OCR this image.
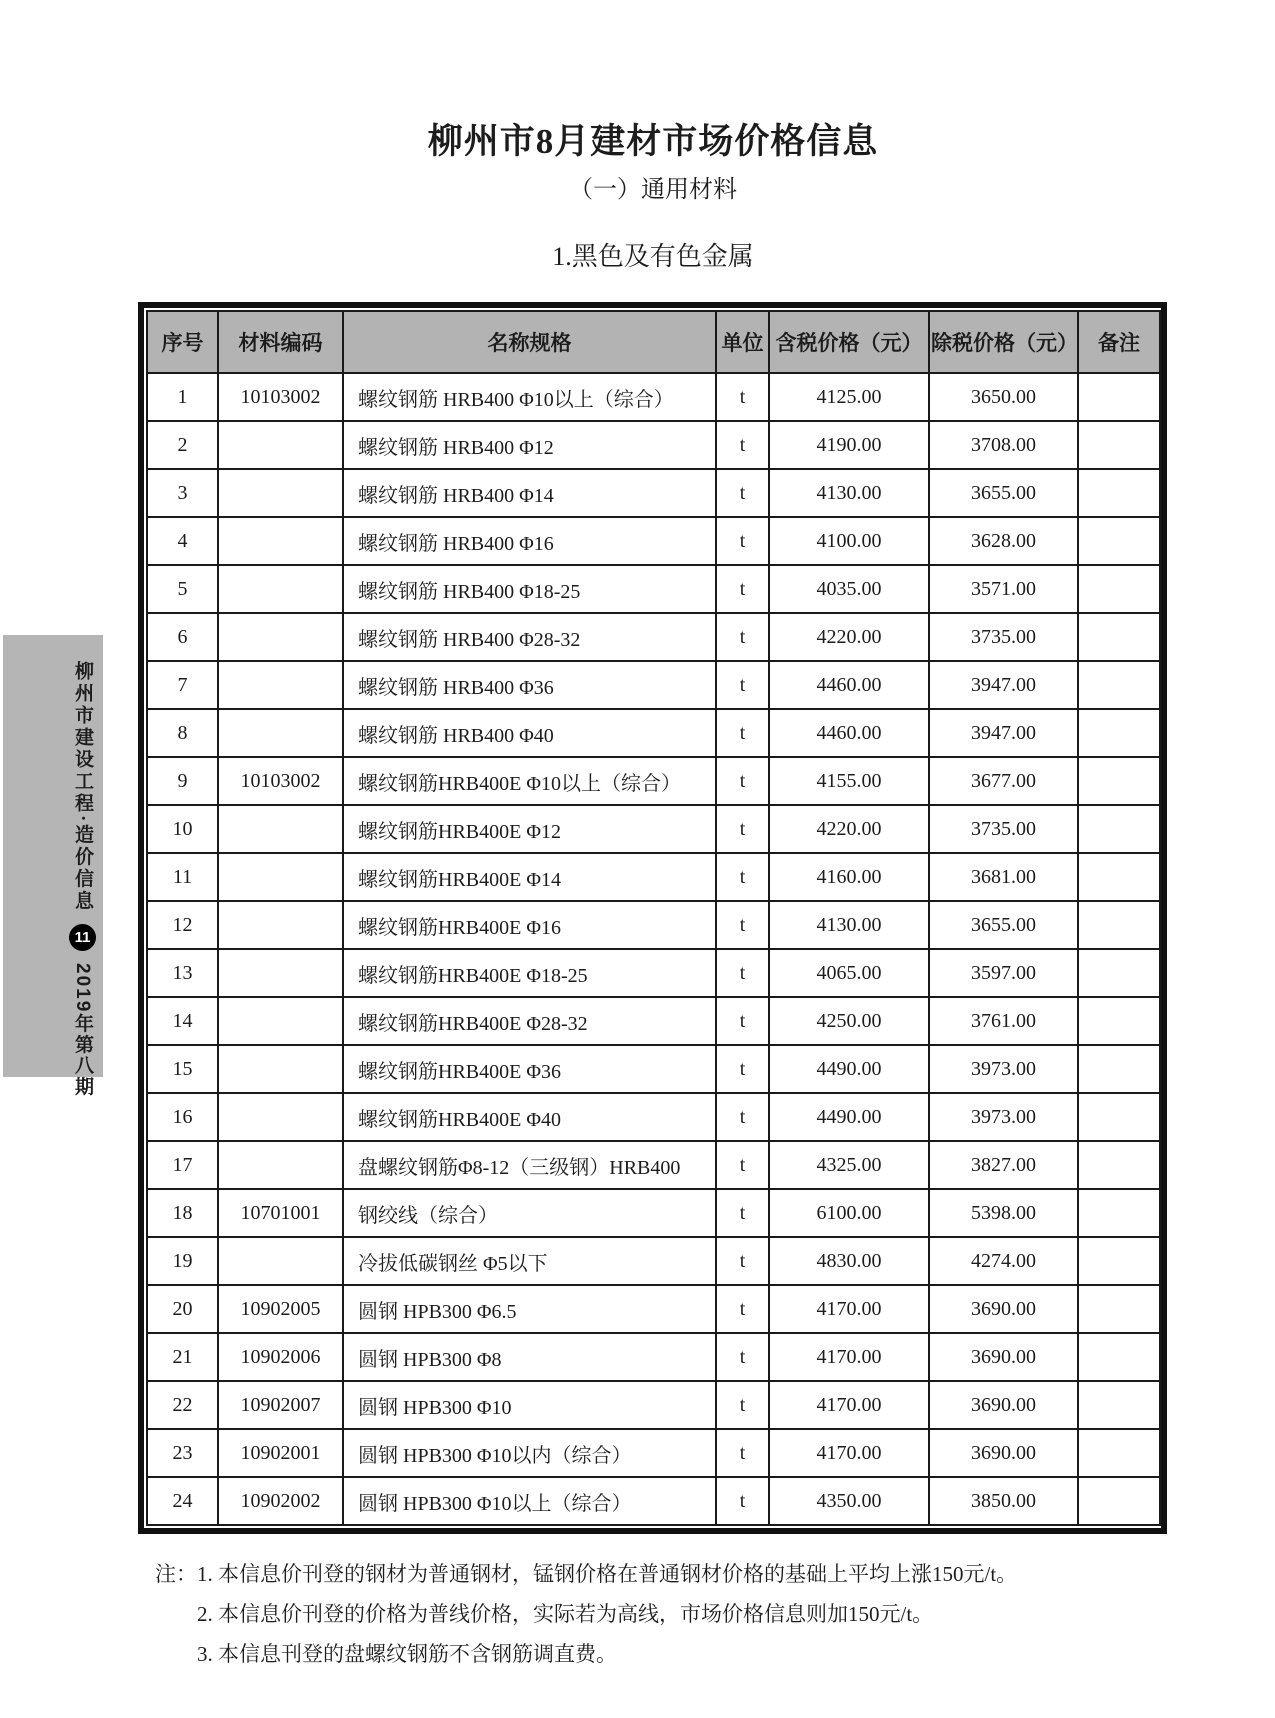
柳州市建设工程·造价信息
11
2019年第八期
柳州市8月建材市场价格信息
（一）通用材料
1.黑色及有色金属
序号	材料编码	名称规格	单位	含税价格（元）	除税价格（元）	备注
1	10103002	螺纹钢筋 HRB400 Φ10以上（综合）	t	4125.00	3650.00	
2		螺纹钢筋 HRB400 Φ12	t	4190.00	3708.00	
3		螺纹钢筋 HRB400 Φ14	t	4130.00	3655.00	
4		螺纹钢筋 HRB400 Φ16	t	4100.00	3628.00	
5		螺纹钢筋 HRB400 Φ18-25	t	4035.00	3571.00	
6		螺纹钢筋 HRB400 Φ28-32	t	4220.00	3735.00	
7		螺纹钢筋 HRB400 Φ36	t	4460.00	3947.00	
8		螺纹钢筋 HRB400 Φ40	t	4460.00	3947.00	
9	10103002	螺纹钢筋HRB400E Φ10以上（综合）	t	4155.00	3677.00	
10		螺纹钢筋HRB400E Φ12	t	4220.00	3735.00	
11		螺纹钢筋HRB400E Φ14	t	4160.00	3681.00	
12		螺纹钢筋HRB400E Φ16	t	4130.00	3655.00	
13		螺纹钢筋HRB400E Φ18-25	t	4065.00	3597.00	
14		螺纹钢筋HRB400E Φ28-32	t	4250.00	3761.00	
15		螺纹钢筋HRB400E Φ36	t	4490.00	3973.00	
16		螺纹钢筋HRB400E Φ40	t	4490.00	3973.00	
17		盘螺纹钢筋Φ8-12（三级钢）HRB400	t	4325.00	3827.00	
18	10701001	钢绞线（综合）	t	6100.00	5398.00	
19		冷拔低碳钢丝 Φ5以下	t	4830.00	4274.00	
20	10902005	圆钢 HPB300 Φ6.5	t	4170.00	3690.00	
21	10902006	圆钢 HPB300 Φ8	t	4170.00	3690.00	
22	10902007	圆钢 HPB300 Φ10	t	4170.00	3690.00	
23	10902001	圆钢 HPB300 Φ10以内（综合）	t	4170.00	3690.00	
24	10902002	圆钢 HPB300 Φ10以上（综合）	t	4350.00	3850.00	
注： 1. 本信息价刊登的钢材为普通钢材，锰钢价格在普通钢材价格的基础上平均上涨150元/t。
2. 本信息价刊登的价格为普线价格，实际若为高线，市场价格信息则加150元/t。
3. 本信息刊登的盘螺纹钢筋不含钢筋调直费。
